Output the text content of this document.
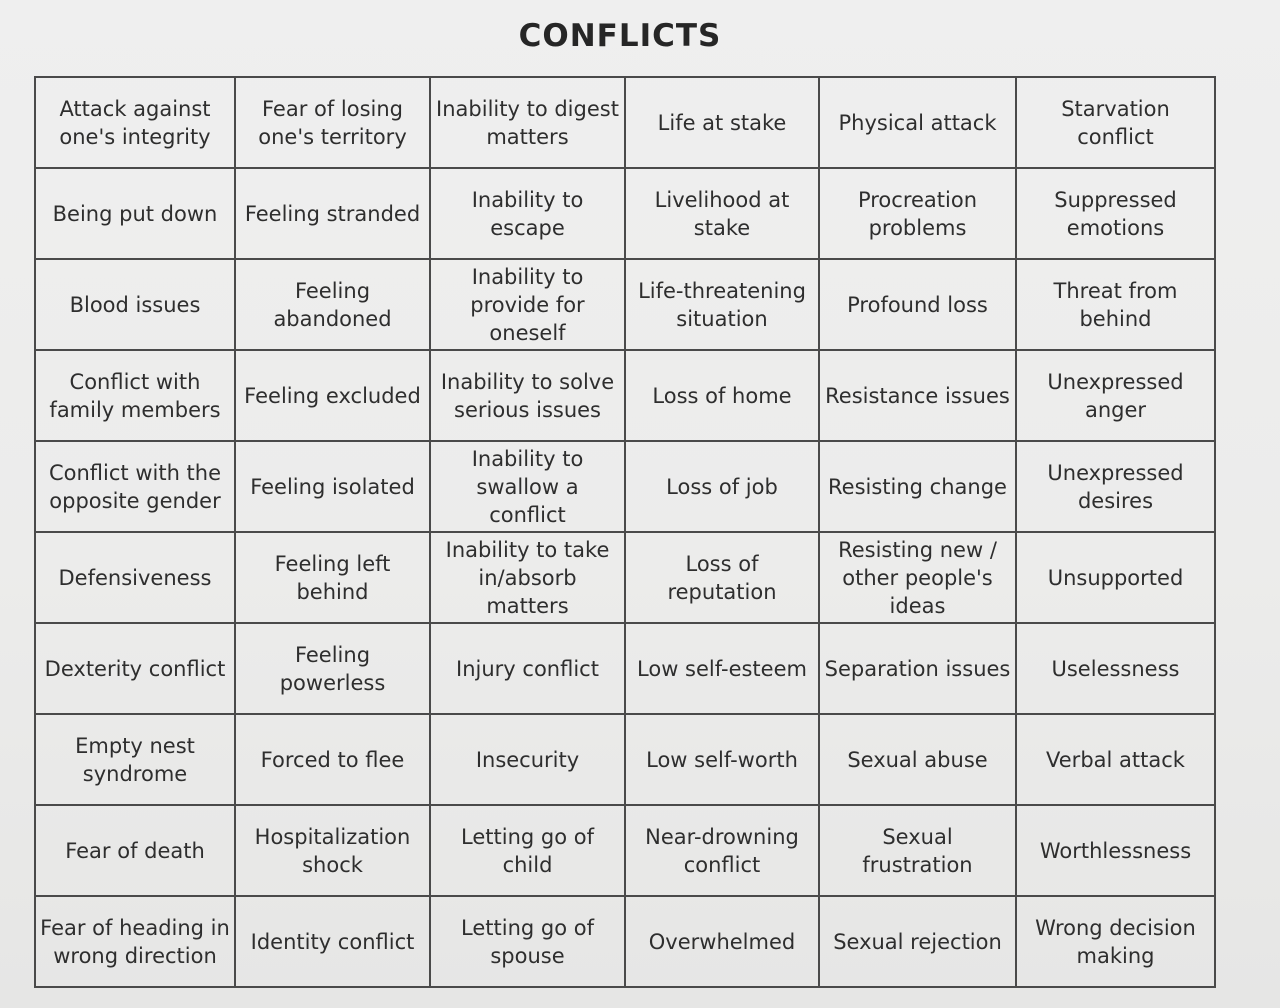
CONFLICTS
Attack against one's integrity	Fear of losing one's territory	Inability to digest matters	Life at stake	Physical attack	Starvation conflict
Being put down	Feeling stranded	Inability to escape	Livelihood at stake	Procreation problems	Suppressed emotions
Blood issues	Feeling abandoned	Inability to provide for oneself	Life-threatening situation	Profound loss	Threat from behind
Conflict with family members	Feeling excluded	Inability to solve serious issues	Loss of home	Resistance issues	Unexpressed anger
Conflict with the opposite gender	Feeling isolated	Inability to swallow a conflict	Loss of job	Resisting change	Unexpressed desires
Defensiveness	Feeling left behind	Inability to take in/absorb matters	Loss of reputation	Resisting new / other people's ideas	Unsupported
Dexterity conflict	Feeling powerless	Injury conflict	Low self-esteem	Separation issues	Uselessness
Empty nest syndrome	Forced to flee	Insecurity	Low self-worth	Sexual abuse	Verbal attack
Fear of death	Hospitalization shock	Letting go of child	Near-drowning conflict	Sexual frustration	Worthlessness
Fear of heading in wrong direction	Identity conflict	Letting go of spouse	Overwhelmed	Sexual rejection	Wrong decision making
